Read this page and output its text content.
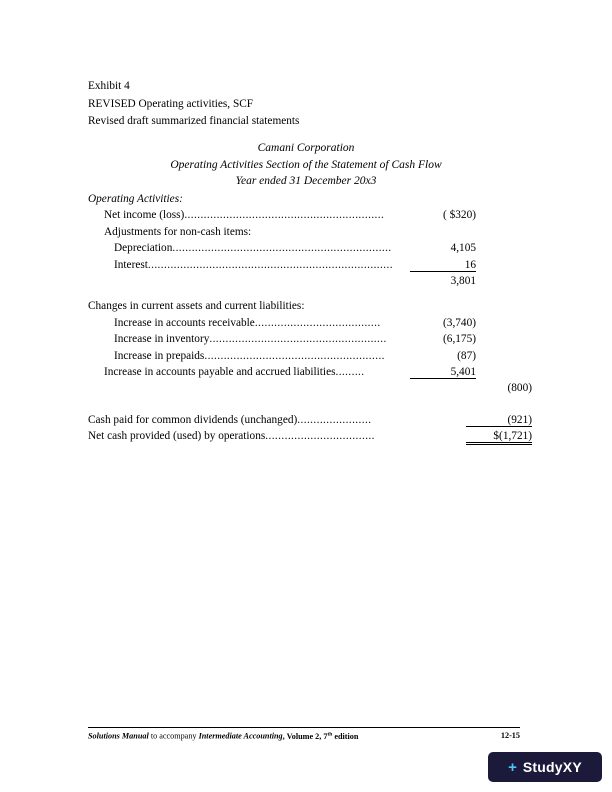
Exhibit 4
REVISED Operating activities, SCF
Revised draft summarized financial statements
Camani Corporation
Operating Activities Section of the Statement of Cash Flow
Year ended 31 December 20x3
Operating Activities:
Net income (loss)..............................................................	( $320)
Adjustments for non-cash items:
Depreciation....................................................................	4,105
Interest............................................................................	16
3,801
Changes in current assets and current liabilities:
Increase in accounts receivable.......................................	(3,740)
Increase in inventory.......................................................	(6,175)
Increase in prepaids........................................................	(87)
Increase in accounts payable and accrued liabilities.........	5,401
(800)
Cash paid for common dividends (unchanged).......................	(921)
Net cash provided (used) by operations..................................	$(1,721)
Solutions Manual to accompany Intermediate Accounting, Volume 2, 7th edition	12-15
+ StudyXY
